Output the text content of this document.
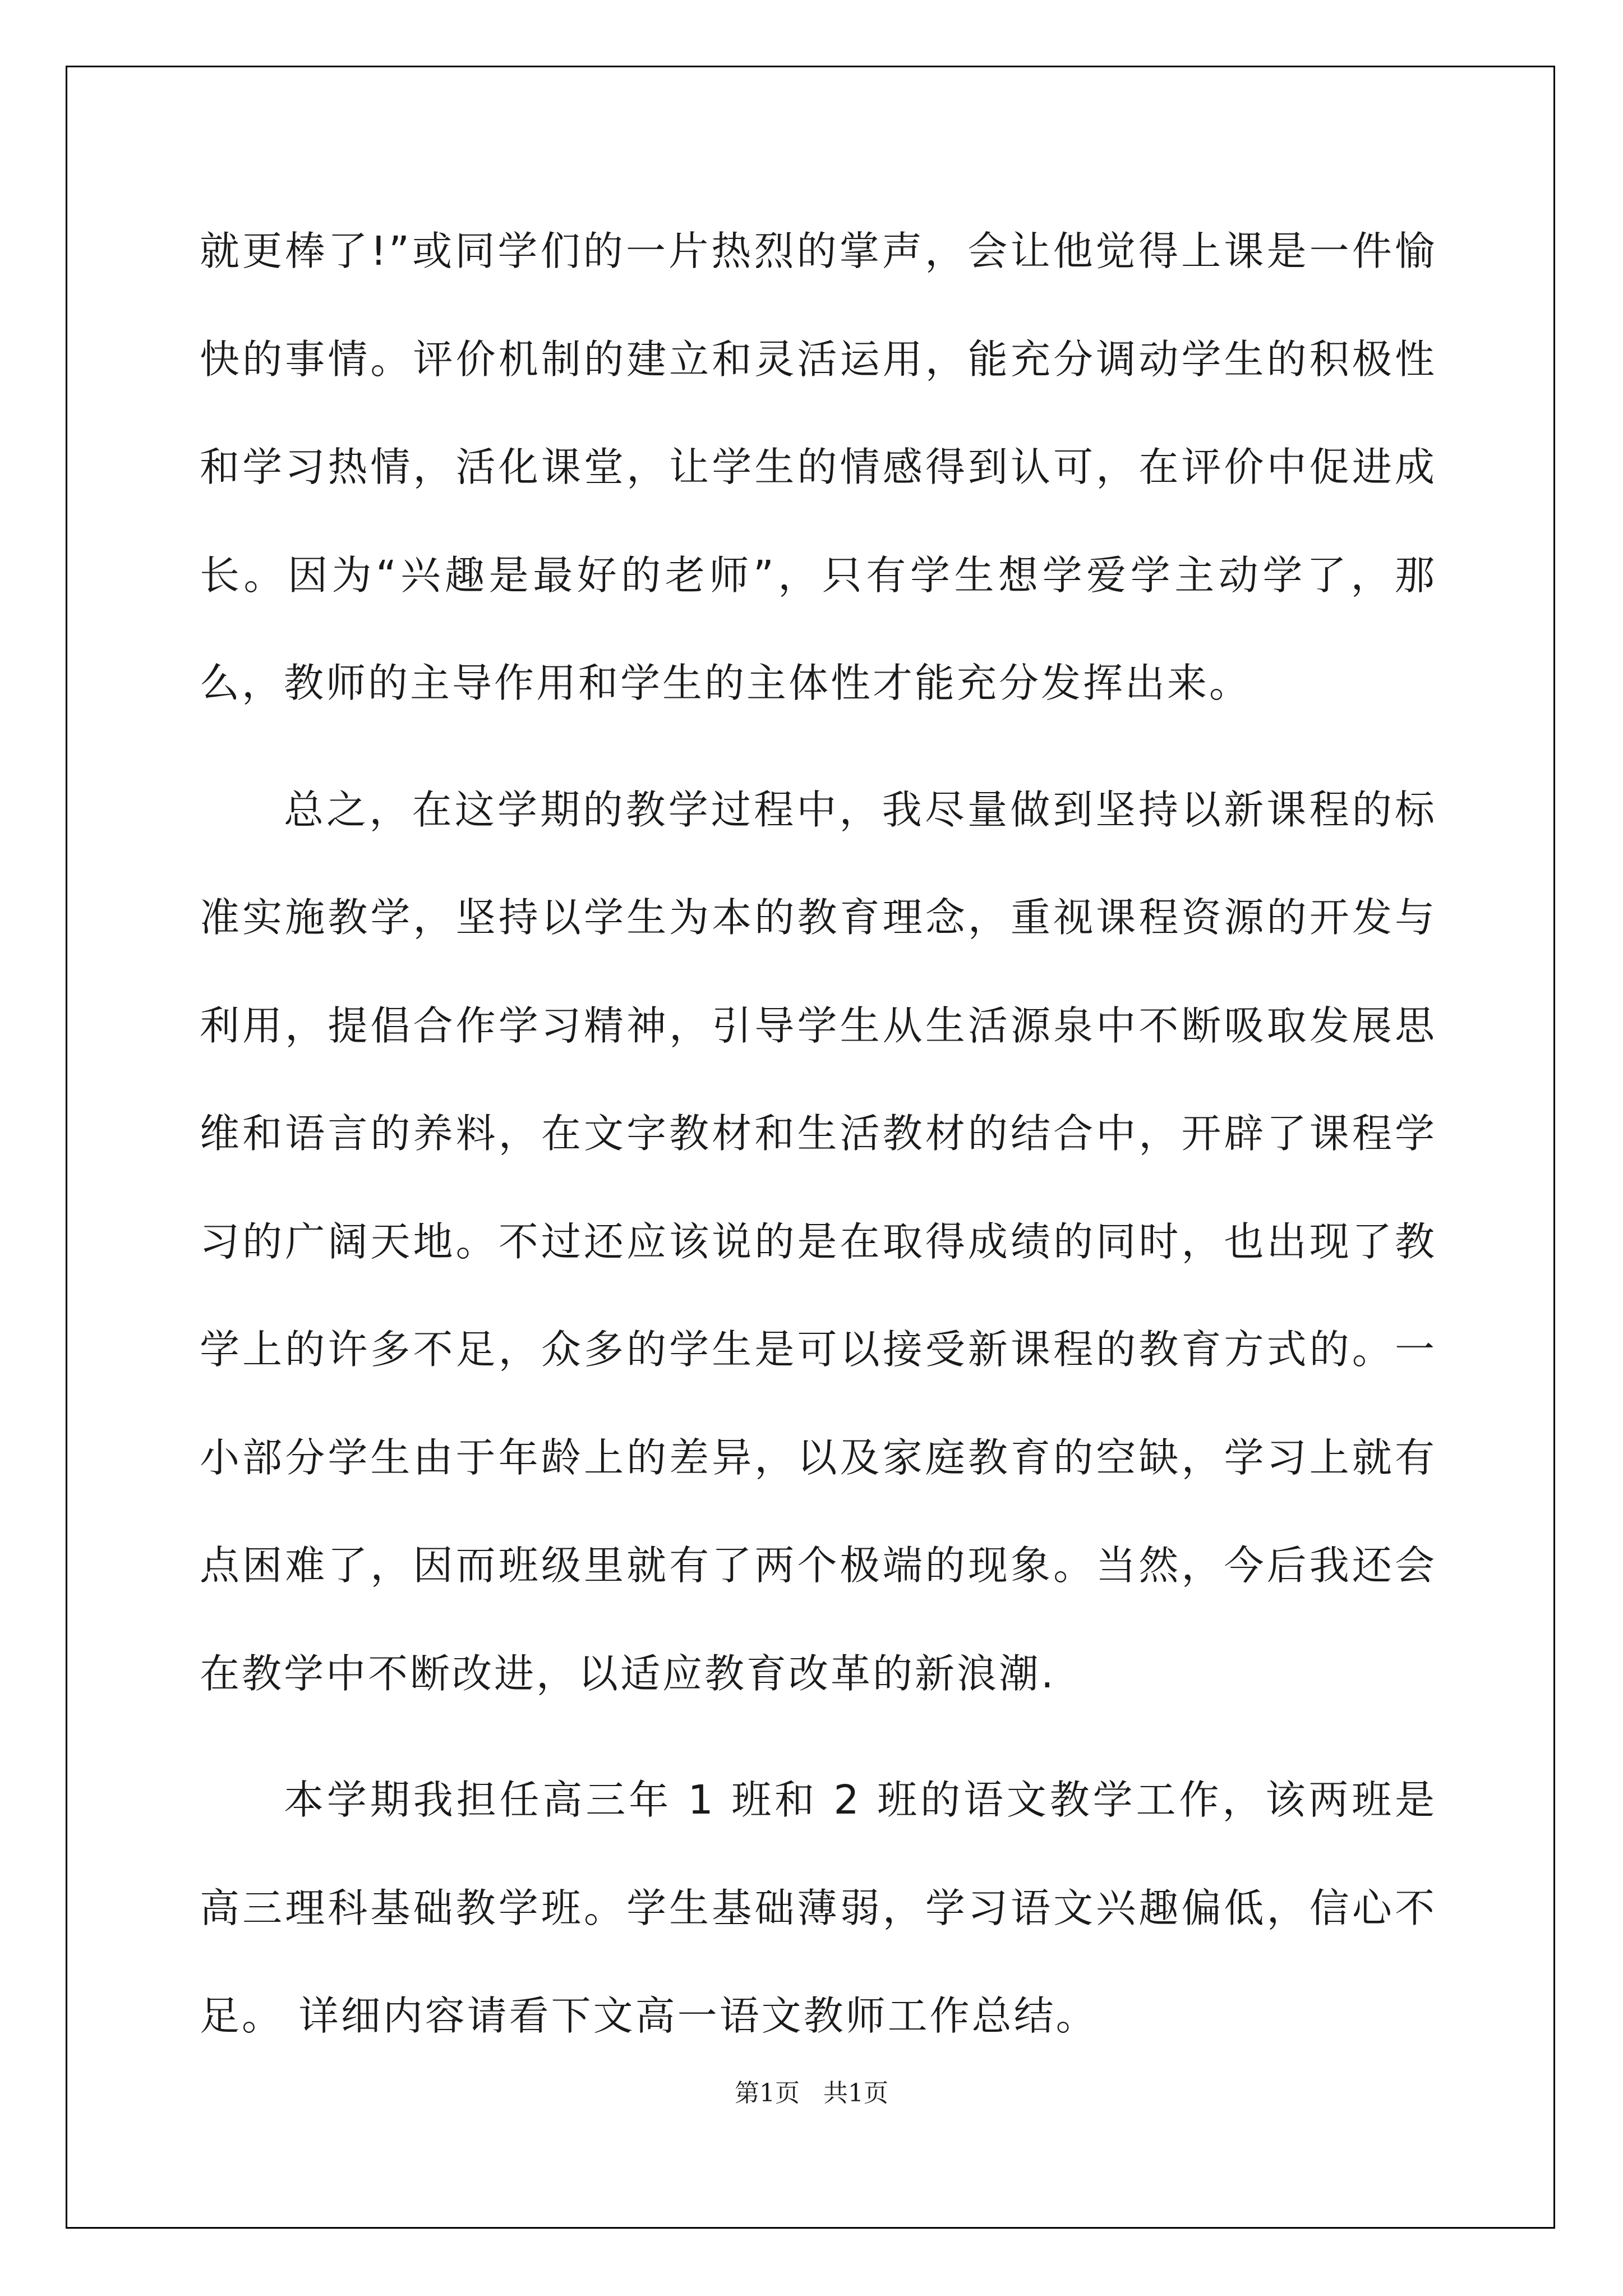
就更棒了!”或同学们的一片热烈的掌声，会让他觉得上课是一件愉快的事情。评价机制的建立和灵活运用，能充分调动学生的积极性和学习热情，活化课堂，让学生的情感得到认可，在评价中促进成长。因为“兴趣是最好的老师”，只有学生想学爱学主动学了，那么，教师的主导作用和学生的主体性才能充分发挥出来。

总之，在这学期的教学过程中，我尽量做到坚持以新课程的标准实施教学，坚持以学生为本的教育理念，重视课程资源的开发与利用，提倡合作学习精神，引导学生从生活源泉中不断吸取发展思维和语言的养料，在文字教材和生活教材的结合中，开辟了课程学习的广阔天地。不过还应该说的是在取得成绩的同时，也出现了教学上的许多不足，众多的学生是可以接受新课程的教育方式的。一小部分学生由于年龄上的差异，以及家庭教育的空缺，学习上就有点困难了，因而班级里就有了两个极端的现象。当然，今后我还会在教学中不断改进，以适应教育改革的新浪潮.

本学期我担任高三年 1 班和 2 班的语文教学工作，该两班是高三理科基础教学班。学生基础薄弱，学习语文兴趣偏低，信心不足。 详细内容请看下文高一语文教师工作总结。

第1页   共1页
